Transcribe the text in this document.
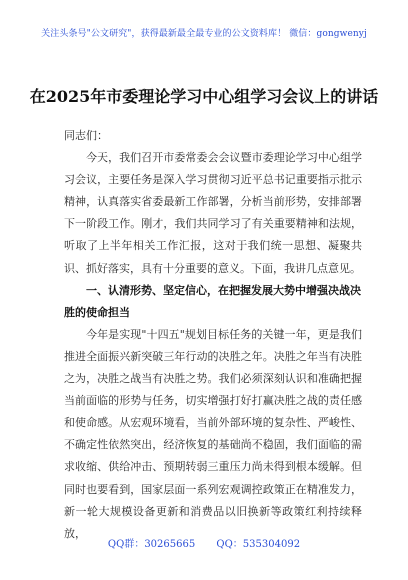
关注头条号"公文研究"，获得最新最全最专业的公文资料库！ 微信：gongwenyj
在2025年市委理论学习中心组学习会议上的讲话

同志们：

今天，我们召开市委常委会会议暨市委理论学习中心组学习会议，主要任务是深入学习贯彻习近平总书记重要指示批示精神，认真落实省委最新工作部署，分析当前形势，安排部署下一阶段工作。刚才，我们共同学习了有关重要精神和法规，听取了上半年相关工作汇报，这对于我们统一思想、凝聚共识、抓好落实，具有十分重要的意义。下面，我讲几点意见。

一、认清形势、坚定信心，在把握发展大势中增强决战决胜的使命担当

今年是实现"十四五"规划目标任务的关键一年，更是我们推进全面振兴新突破三年行动的决胜之年。决胜之年当有决胜之为，决胜之战当有决胜之势。我们必须深刻认识和准确把握当前面临的形势与任务，切实增强打好打赢决胜之战的责任感和使命感。从宏观环境看，当前外部环境的复杂性、严峻性、不确定性依然突出，经济恢复的基础尚不稳固，我们面临的需求收缩、供给冲击、预期转弱三重压力尚未得到根本缓解。但同时也要看到，国家层面一系列宏观调控政策正在精准发力，新一轮大规模设备更新和消费品以旧换新等政策红利持续释放，

QQ群：30265665 QQ：535304092
